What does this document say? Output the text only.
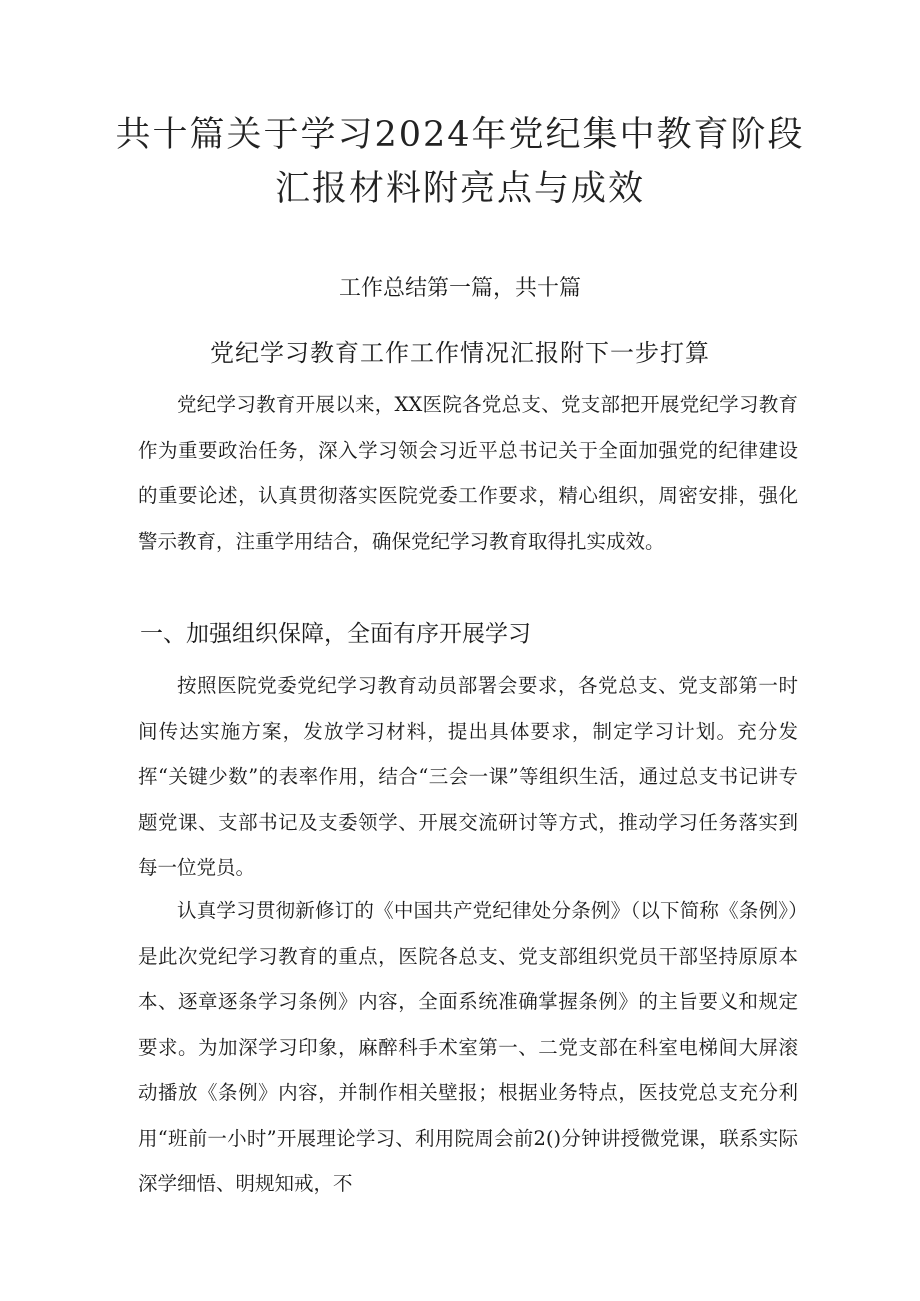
共十篇关于学习2024年党纪集中教育阶段
汇报材料附亮点与成效
工作总结第一篇，共十篇
党纪学习教育工作工作情况汇报附下一步打算

党纪学习教育开展以来，XX医院各党总支、党支部把开展党纪学习教育作为重要政治任务，深入学习领会习近平总书记关于全面加强党的纪律建设的重要论述，认真贯彻落实医院党委工作要求，精心组织，周密安排，强化警示教育，注重学用结合，确保党纪学习教育取得扎实成效。

一、加强组织保障，全面有序开展学习

按照医院党委党纪学习教育动员部署会要求，各党总支、党支部第一时间传达实施方案，发放学习材料，提出具体要求，制定学习计划。充分发挥“关键少数”的表率作用，结合“三会一课”等组织生活，通过总支书记讲专题党课、支部书记及支委领学、开展交流研讨等方式，推动学习任务落实到每一位党员。

认真学习贯彻新修订的《中国共产党纪律处分条例》（以下简称《条例》）是此次党纪学习教育的重点，医院各总支、党支部组织党员干部坚持原原本本、逐章逐条学习条例》内容，全面系统准确掌握条例》的主旨要义和规定要求。为加深学习印象，麻醉科手术室第一、二党支部在科室电梯间大屏滚动播放《条例》内容，并制作相关壁报；根据业务特点，医技党总支充分利用“班前一小时”开展理论学习、利用院周会前2()分钟讲授微党课，联系实际深学细悟、明规知戒，不
